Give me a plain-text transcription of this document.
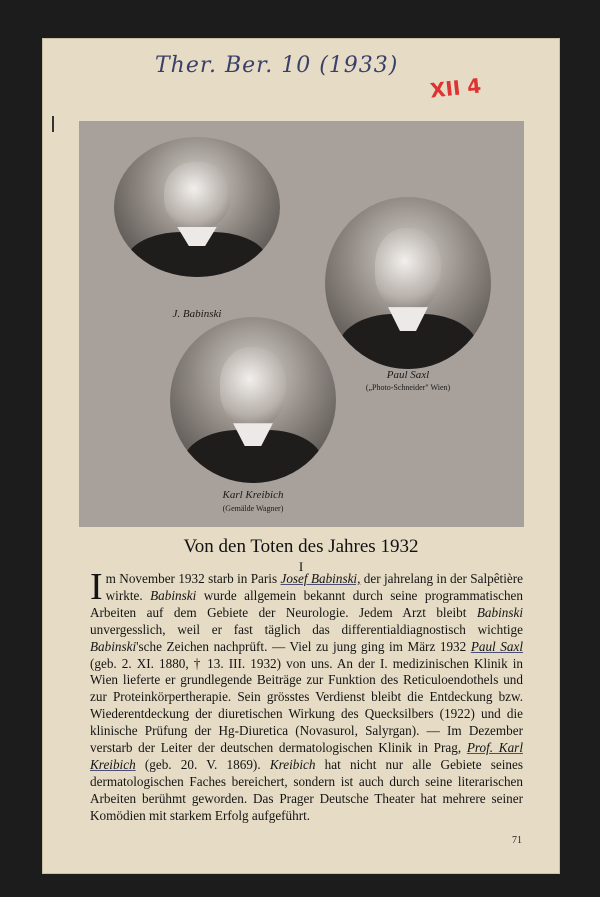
Ther. Ber. 10 (1933)
XII 4
J. Babinski
Paul Saxl
(„Photo-Schneider" Wien)
Karl Kreibich
(Gemälde Wagner)
Von den Toten des Jahres 1932
I
Im November 1932 starb in Paris Josef Babinski, der jahrelang in der Salpêtière wirkte. Babinski wurde allgemein bekannt durch seine programmatischen Arbeiten auf dem Gebiete der Neurologie. Jedem Arzt bleibt Babinski unvergesslich, weil er fast täglich das differentialdiagnostisch wichtige Babinski'sche Zeichen nachprüft. — Viel zu jung ging im März 1932 Paul Saxl (geb. 2. XI. 1880, † 13. III. 1932) von uns. An der I. medizinischen Klinik in Wien lieferte er grundlegende Beiträge zur Funktion des Reticuloendothels und zur Proteinkörpertherapie. Sein grösstes Verdienst bleibt die Entdeckung bzw. Wiederentdeckung der diuretischen Wirkung des Quecksilbers (1922) und die klinische Prüfung der Hg-Diuretica (Novasurol, Salyrgan). — Im Dezember verstarb der Leiter der deutschen dermatologischen Klinik in Prag, Prof. Karl Kreibich (geb. 20. V. 1869). Kreibich hat nicht nur alle Gebiete seines dermatologischen Faches bereichert, sondern ist auch durch seine literarischen Arbeiten berühmt geworden. Das Prager Deutsche Theater hat mehrere seiner Komödien mit starkem Erfolg aufgeführt.
71
